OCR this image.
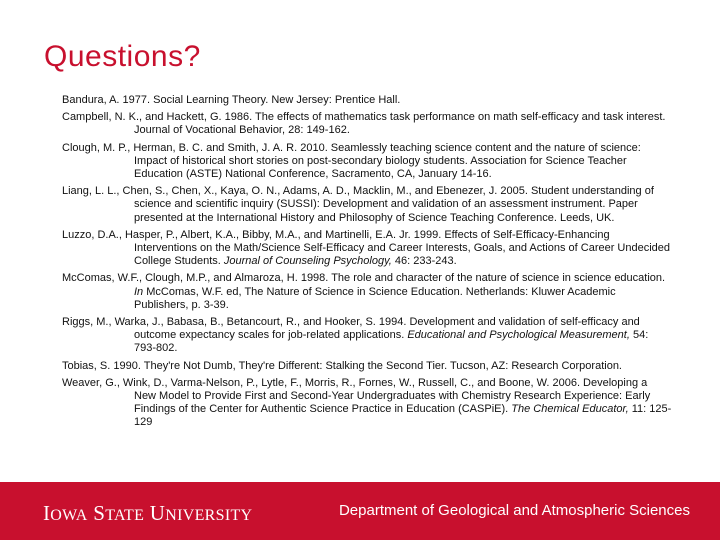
Questions?

Bandura, A. 1977. Social Learning Theory. New Jersey: Prentice Hall.

Campbell, N. K., and Hackett, G. 1986. The effects of mathematics task performance on math self-efficacy and task interest. Journal of Vocational Behavior, 28: 149-162.

Clough, M. P., Herman, B. C. and Smith, J. A. R. 2010. Seamlessly teaching science content and the nature of science: Impact of historical short stories on post-secondary biology students. Association for Science Teacher Education (ASTE) National Conference, Sacramento, CA, January 14-16.

Liang, L. L., Chen, S., Chen, X., Kaya, O. N., Adams, A. D., Macklin, M., and Ebenezer, J. 2005. Student understanding of science and scientific inquiry (SUSSI): Development and validation of an assessment instrument. Paper presented at the International History and Philosophy of Science Teaching Conference. Leeds, UK.

Luzzo, D.A., Hasper, P., Albert, K.A., Bibby, M.A., and Martinelli, E.A. Jr. 1999. Effects of Self-Efficacy-Enhancing Interventions on the Math/Science Self-Efficacy and Career Interests, Goals, and Actions of Career Undecided College Students. Journal of Counseling Psychology, 46: 233-243.

McComas, W.F., Clough, M.P., and Almaroza, H. 1998. The role and character of the nature of science in science education. In McComas, W.F. ed, The Nature of Science in Science Education. Netherlands: Kluwer Academic Publishers, p. 3-39.

Riggs, M., Warka, J., Babasa, B., Betancourt, R., and Hooker, S. 1994. Development and validation of self-efficacy and outcome expectancy scales for job-related applications. Educational and Psychological Measurement, 54: 793-802.

Tobias, S. 1990. They're Not Dumb, They're Different: Stalking the Second Tier. Tucson, AZ: Research Corporation.

Weaver, G., Wink, D., Varma-Nelson, P., Lytle, F., Morris, R., Fornes, W., Russell, C., and Boone, W. 2006. Developing a New Model to Provide First and Second-Year Undergraduates with Chemistry Research Experience: Early Findings of the Center for Authentic Science Practice in Education (CASPiE). The Chemical Educator, 11: 125-129

IOWA STATE UNIVERSITY	Department of Geological and Atmospheric Sciences
